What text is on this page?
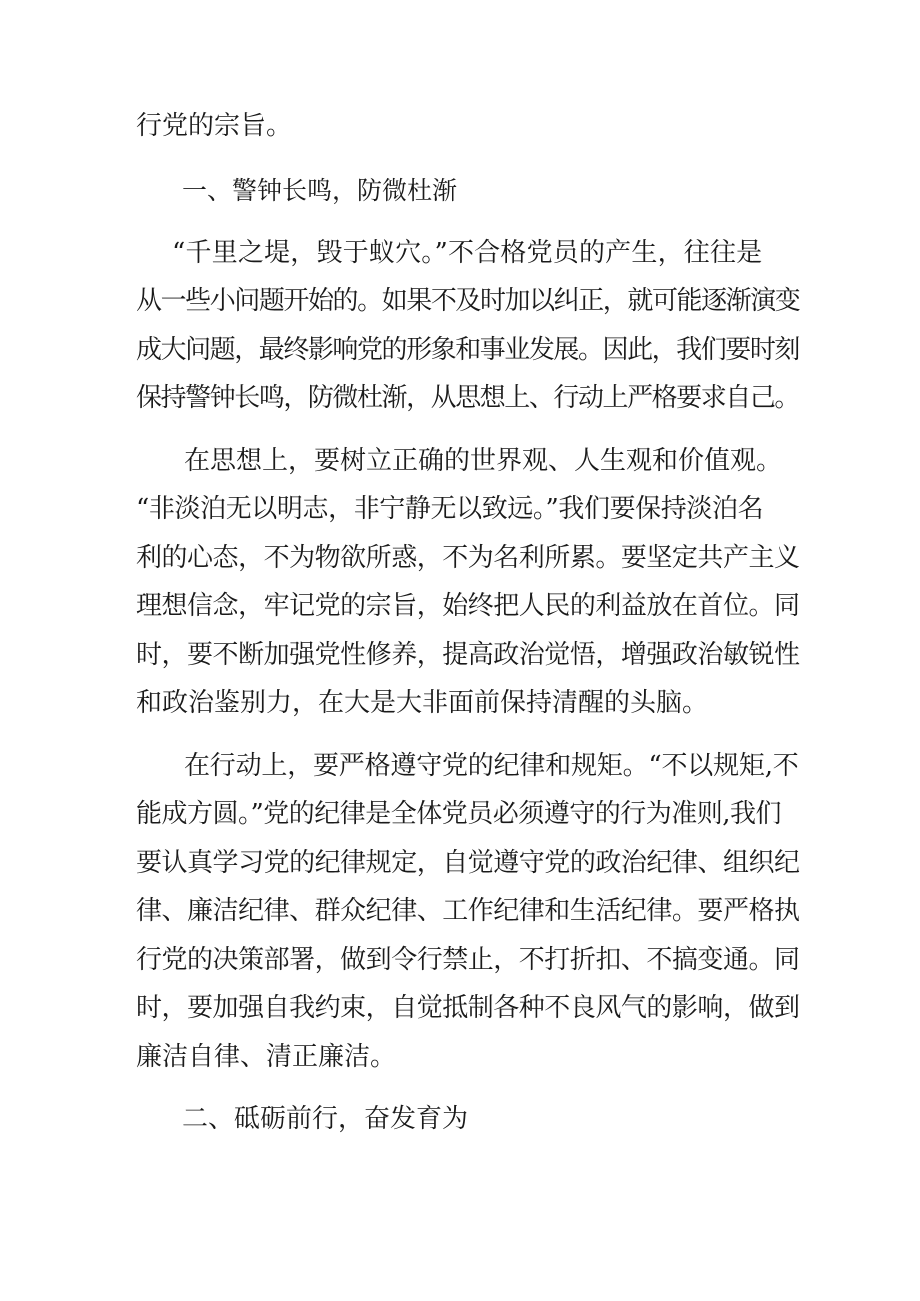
行党的宗旨。

一、警钟长鸣，防微杜渐

“千里之堤，毁于蚁穴。”不合格党员的产生，往往是

从一些小问题开始的。如果不及时加以纠正，就可能逐渐演变

成大问题，最终影响党的形象和事业发展。因此，我们要时刻

保持警钟长鸣，防微杜渐，从思想上、行动上严格要求自己。

在思想上，要树立正确的世界观、人生观和价值观。

“非淡泊无以明志，非宁静无以致远。”我们要保持淡泊名

利的心态，不为物欲所惑，不为名利所累。要坚定共产主义

理想信念，牢记党的宗旨，始终把人民的利益放在首位。同

时，要不断加强党性修养，提高政治觉悟，增强政治敏锐性

和政治鉴别力，在大是大非面前保持清醒的头脑。

在行动上，要严格遵守党的纪律和规矩。“不以规矩,不

能成方圆。”党的纪律是全体党员必须遵守的行为准则,我们

要认真学习党的纪律规定，自觉遵守党的政治纪律、组织纪

律、廉洁纪律、群众纪律、工作纪律和生活纪律。要严格执

行党的决策部署，做到令行禁止，不打折扣、不搞变通。同

时，要加强自我约束，自觉抵制各种不良风气的影响，做到

廉洁自律、清正廉洁。

二、砥砺前行，奋发育为
